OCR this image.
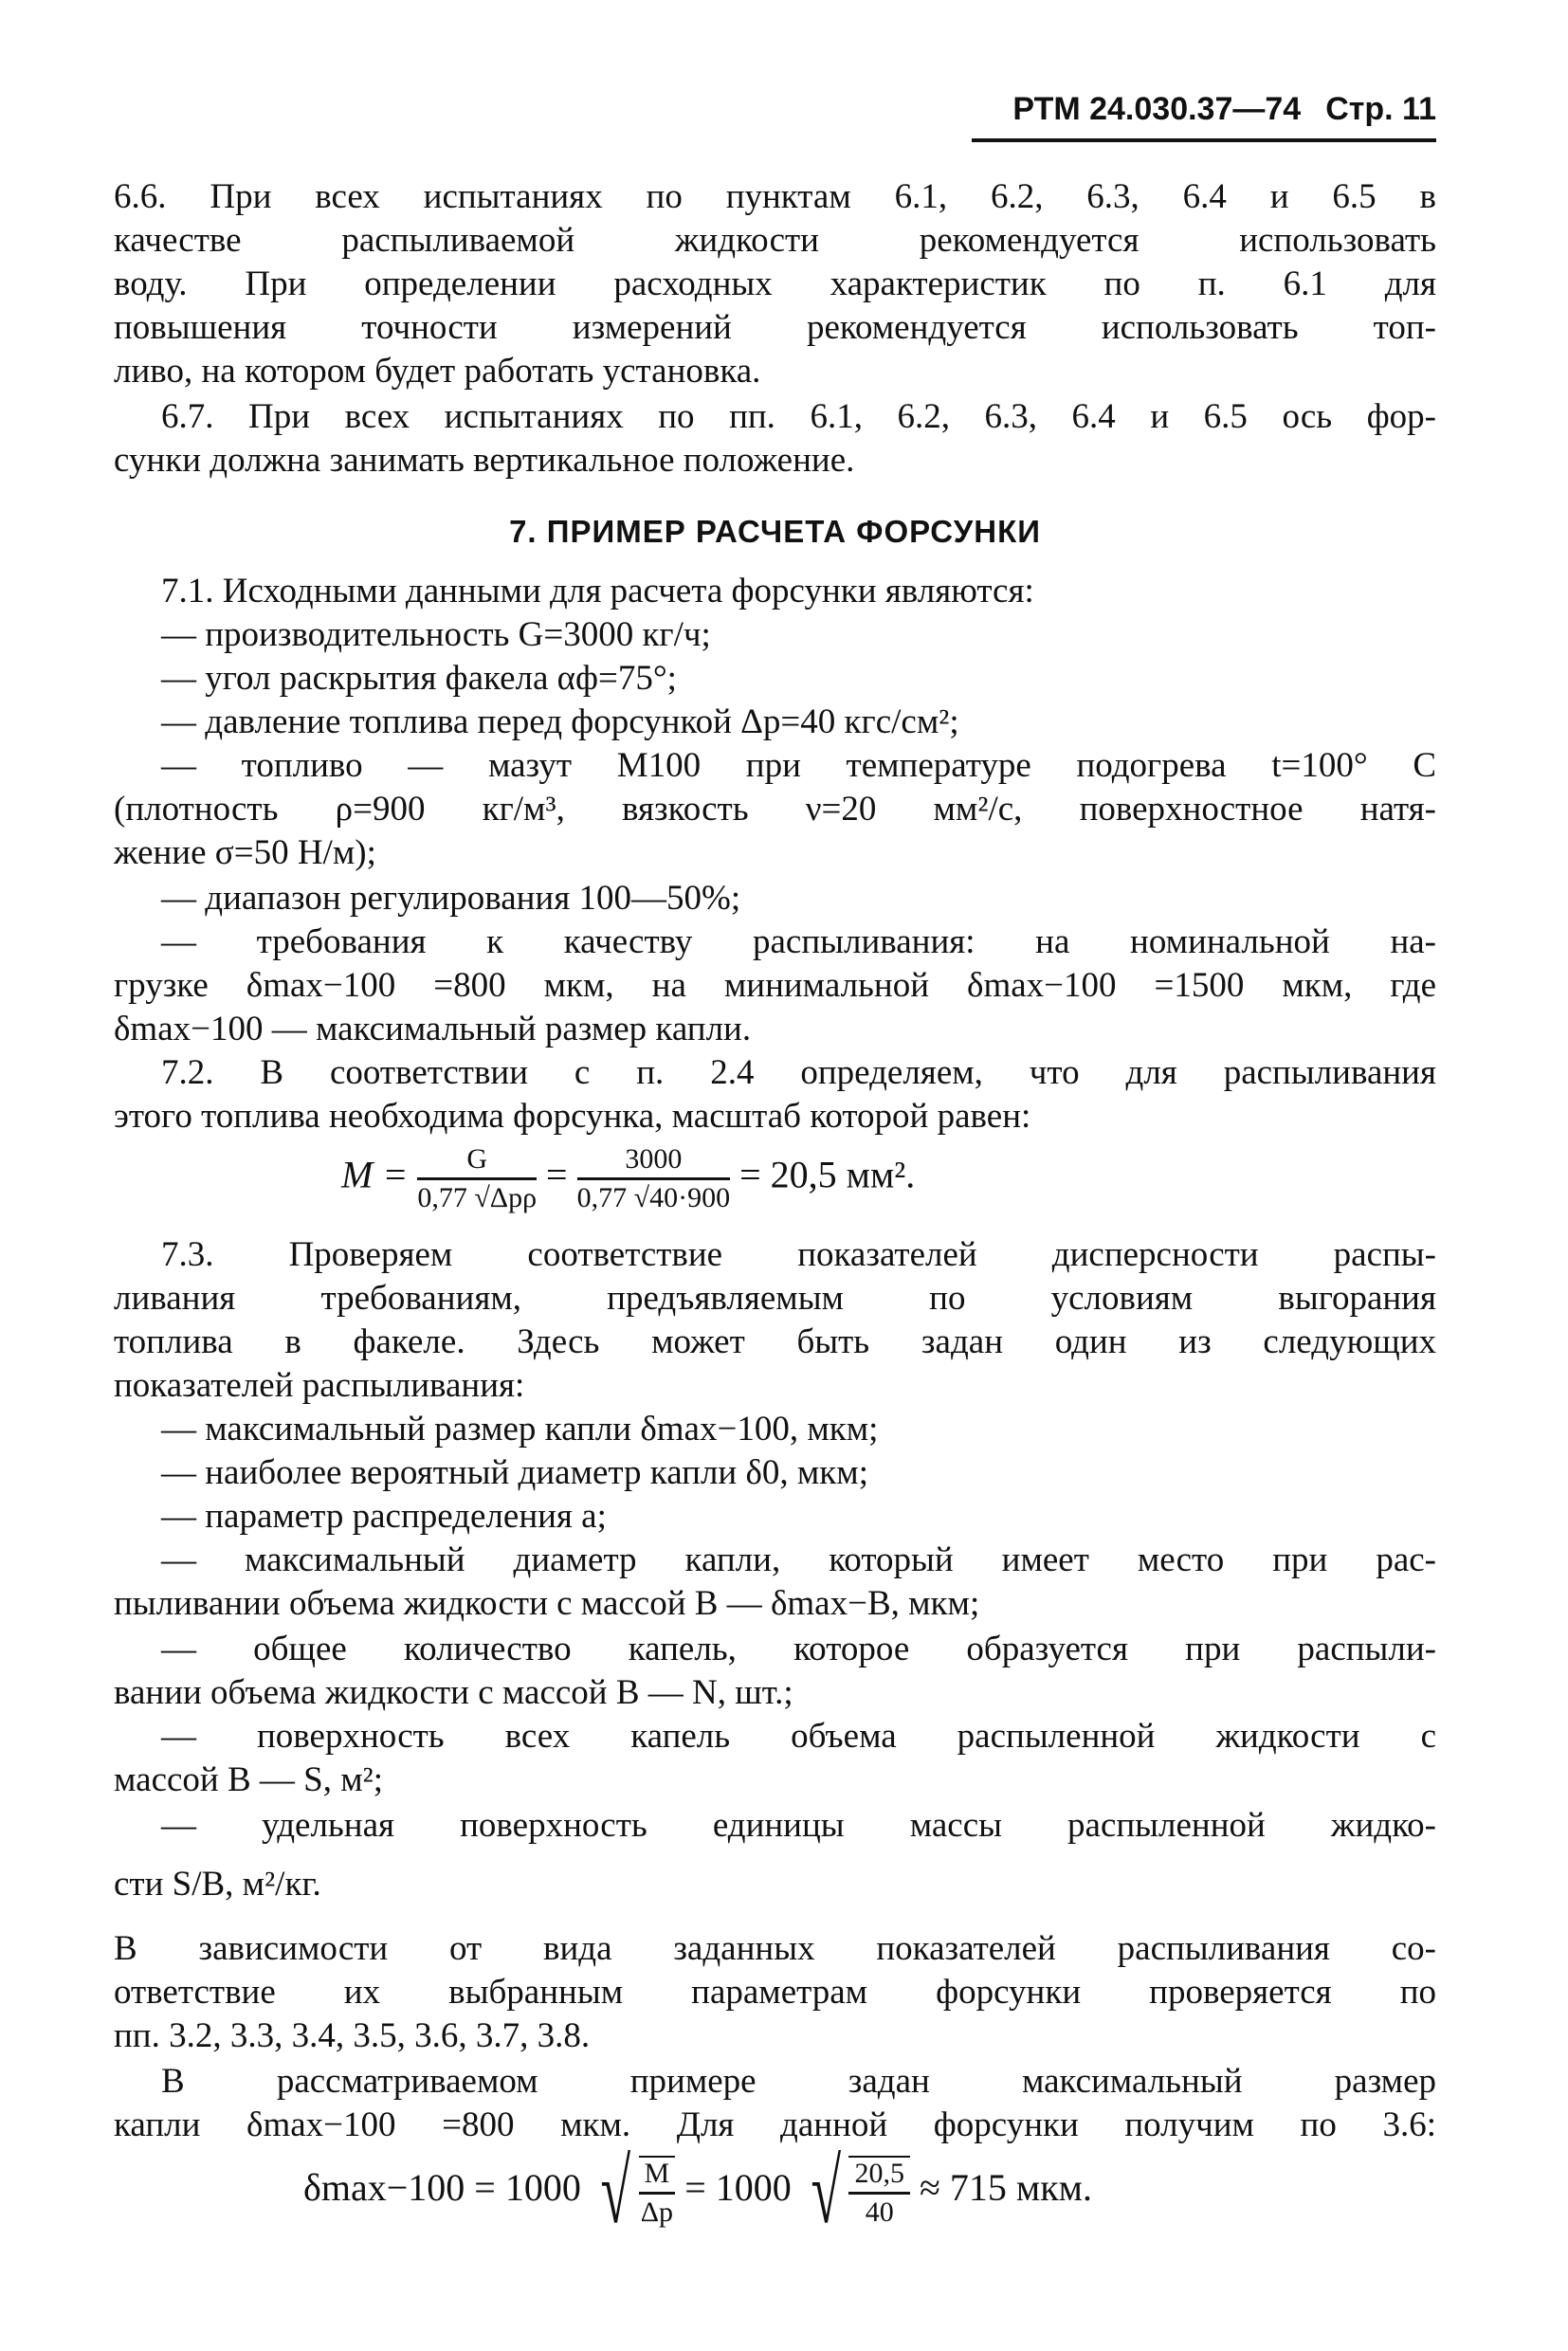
РТМ 24.030.37—74 Стр. 11
6.6. При всех испытаниях по пунктам 6.1, 6.2, 6.3, 6.4 и 6.5 в
качестве распыливаемой жидкости рекомендуется использовать
воду. При определении расходных характеристик по п. 6.1 для
повышения точности измерений рекомендуется использовать топ-
ливо, на котором будет работать установка.
6.7. При всех испытаниях по пп. 6.1, 6.2, 6.3, 6.4 и 6.5 ось фор-
сунки должна занимать вертикальное положение.
7. ПРИМЕР РАСЧЕТА ФОРСУНКИ
7.1. Исходными данными для расчета форсунки являются:
— производительность G=3000 кг/ч;
— угол раскрытия факела αф=75°;
— давление топлива перед форсункой Δp=40 кгс/см²;
— топливо — мазут М100 при температуре подогрева t=100° C
(плотность ρ=900 кг/м³, вязкость ν=20 мм²/с, поверхностное натя-
жение σ=50 Н/м);
— диапазон регулирования 100—50%;
— требования к качеству распыливания: на номинальной на-
грузке δmax−100 =800 мкм, на минимальной δmax−100 =1500 мкм, где
δmax−100 — максимальный размер капли.
7.2. В соответствии с п. 2.4 определяем, что для распыливания
этого топлива необходима форсунка, масштаб которой равен:
$M = \frac{G}{\text{0,77 √Δpρ}} = \frac{3000}{0,77 √40\cdot 900} = 20,5$ мм².
7.3. Проверяем соответствие показателей дисперсности распы-
ливания требованиям, предъявляемым по условиям выгорания
топлива в факеле. Здесь может быть задан один из следующих
показателей распыливания:
— максимальный размер капли δmax−100, мкм;
— наиболее вероятный диаметр капли δ0, мкм;
— параметр распределения a;
— максимальный диаметр капли, который имеет место при рас-
пыливании объема жидкости с массой B — δmax−B, мкм;
— общее количество капель, которое образуется при распыли-
вании объема жидкости с массой B — N, шт.;
— поверхность всех капель объема распыленной жидкости с
массой B — S, м²;
— удельная поверхность единицы массы распыленной жидко-
сти S/B, м²/кг.
В зависимости от вида заданных показателей распыливания со-
ответствие их выбранным параметрам форсунки проверяется по
пп. 3.2, 3.3, 3.4, 3.5, 3.6, 3.7, 3.8.
В рассматриваемом примере задан максимальный размер
капли δmax−100 =800 мкм. Для данной форсунки получим по 3.6:
δmax−100 = 1000 √ $\frac{M}{\Delta p} = 1000$ √ $\frac{20,5}{40} \approx 715$ мкм.
